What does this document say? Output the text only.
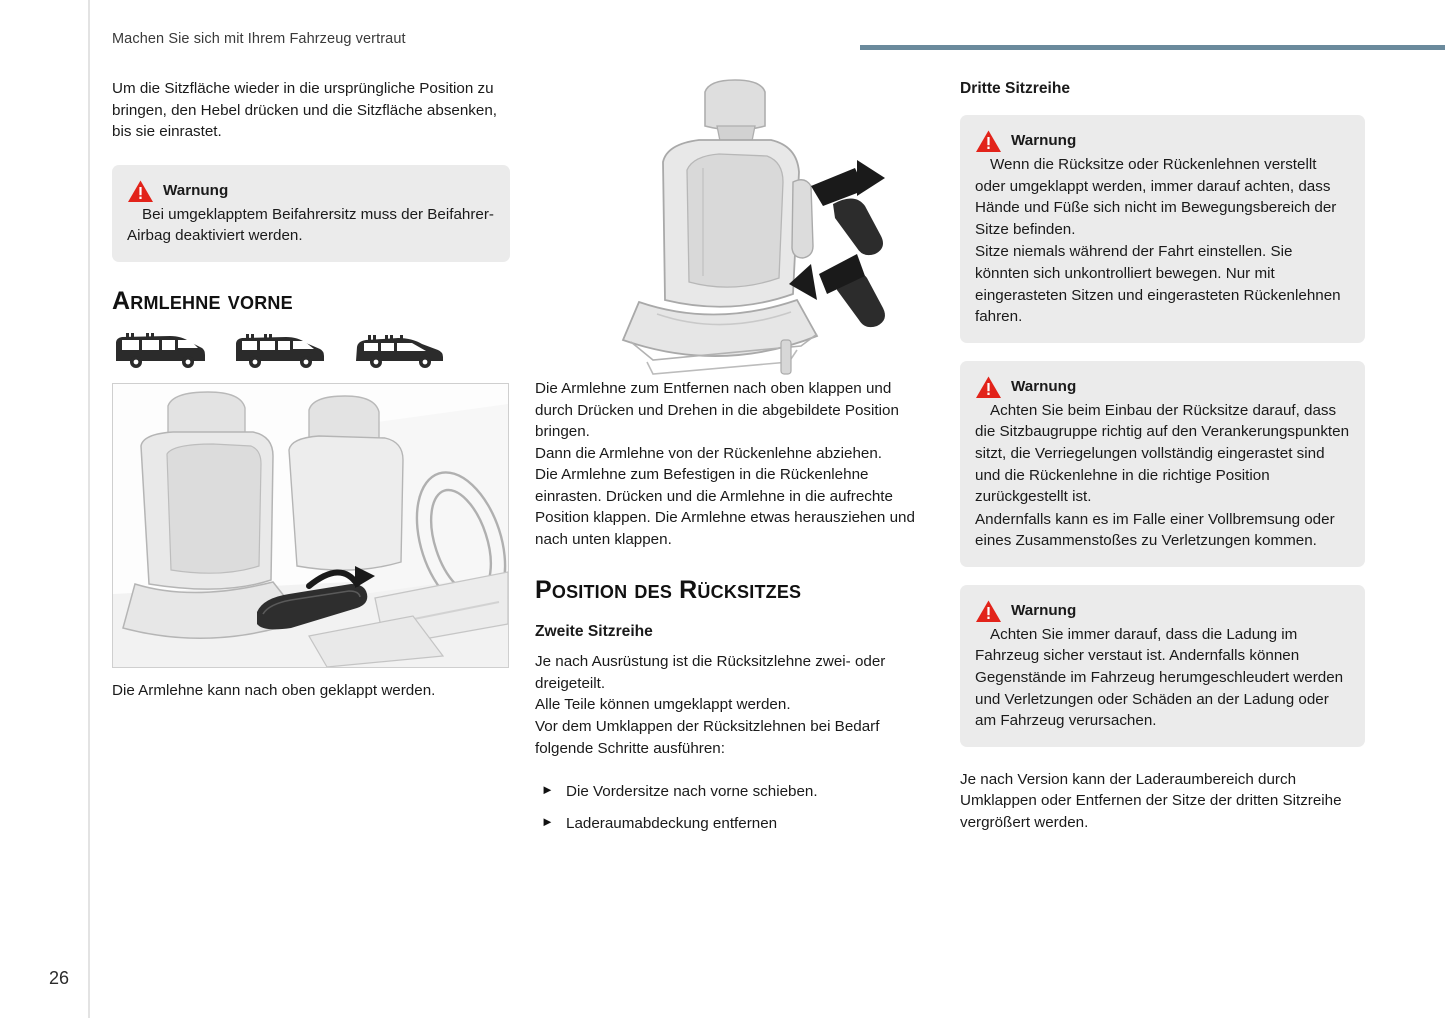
Machen Sie sich mit Ihrem Fahrzeug vertraut
26

Um die Sitzfläche wieder in die ursprüngliche Position zu bringen, den Hebel drücken und die Sitzfläche absenken, bis sie einrastet.

Warnung
Bei umgeklapptem Beifahrersitz muss der Beifahrer-Airbag deaktiviert werden.
Armlehne vorne

Die Armlehne kann nach oben geklappt werden.

Die Armlehne zum Entfernen nach oben klappen und durch Drücken und Drehen in die abgebildete Position bringen.

Dann die Armlehne von der Rückenlehne abziehen.

Die Armlehne zum Befestigen in die Rückenlehne einrasten. Drücken und die Armlehne in die aufrechte Position klappen. Die Armlehne etwas herausziehen und nach unten klappen.

Position des Rücksitzes
Zweite Sitzreihe

Je nach Ausrüstung ist die Rücksitzlehne zwei- oder dreigeteilt.

Alle Teile können umgeklappt werden.

Vor dem Umklappen der Rücksitzlehnen bei Bedarf folgende Schritte ausführen:

► Die Vordersitze nach vorne schieben.
► Laderaumabdeckung entfernen
Dritte Sitzreihe
Warnung
Wenn die Rücksitze oder Rückenlehnen verstellt oder umgeklappt werden, immer darauf achten, dass Hände und Füße sich nicht im Bewegungsbereich der Sitze befinden.
Sitze niemals während der Fahrt einstellen. Sie könnten sich unkontrolliert bewegen. Nur mit eingerasteten Sitzen und eingerasteten Rückenlehnen fahren.
Warnung
Achten Sie beim Einbau der Rücksitze darauf, dass die Sitzbaugruppe richtig auf den Verankerungspunkten sitzt, die Verriegelungen vollständig eingerastet sind und die Rückenlehne in die richtige Position zurückgestellt ist.
Andernfalls kann es im Falle einer Vollbremsung oder eines Zusammenstoßes zu Verletzungen kommen.
Warnung
Achten Sie immer darauf, dass die Ladung im Fahrzeug sicher verstaut ist. Andernfalls können Gegenstände im Fahrzeug herumgeschleudert werden und Verletzungen oder Schäden an der Ladung oder am Fahrzeug verursachen.

Je nach Version kann der Laderaumbereich durch Umklappen oder Entfernen der Sitze der dritten Sitzreihe vergrößert werden.
